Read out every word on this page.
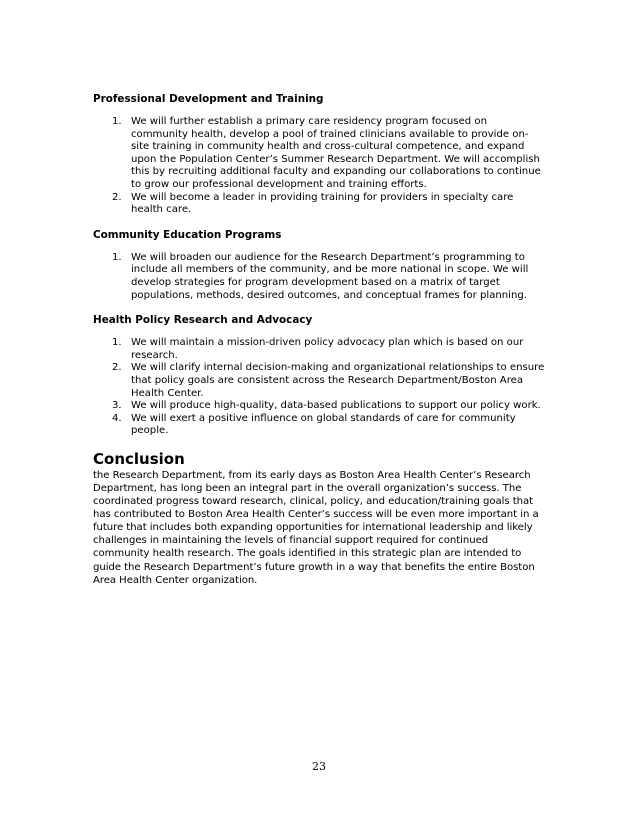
Professional Development and Training

1. We will further establish a primary care residency program focused on community health, develop a pool of trained clinicians available to provide on-site training in community health and cross-cultural competence, and expand upon the Population Center’s Summer Research Department. We will accomplish this by recruiting additional faculty and expanding our collaborations to continue to grow our professional development and training efforts.
2. We will become a leader in providing training for providers in specialty care health care.

Community Education Programs

1. We will broaden our audience for the Research Department’s programming to include all members of the community, and be more national in scope. We will develop strategies for program development based on a matrix of target populations, methods, desired outcomes, and conceptual frames for planning.

Health Policy Research and Advocacy

1. We will maintain a mission-driven policy advocacy plan which is based on our research.
2. We will clarify internal decision-making and organizational relationships to ensure that policy goals are consistent across the Research Department/Boston Area Health Center.
3. We will produce high-quality, data-based publications to support our policy work.
4. We will exert a positive influence on global standards of care for community people.
Conclusion

the Research Department, from its early days as Boston Area Health Center’s Research Department, has long been an integral part in the overall organization’s success. The coordinated progress toward research, clinical, policy, and education/training goals that has contributed to Boston Area Health Center’s success will be even more important in a future that includes both expanding opportunities for international leadership and likely challenges in maintaining the levels of financial support required for continued community health research. The goals identified in this strategic plan are intended to guide the Research Department’s future growth in a way that benefits the entire Boston Area Health Center organization.

23
